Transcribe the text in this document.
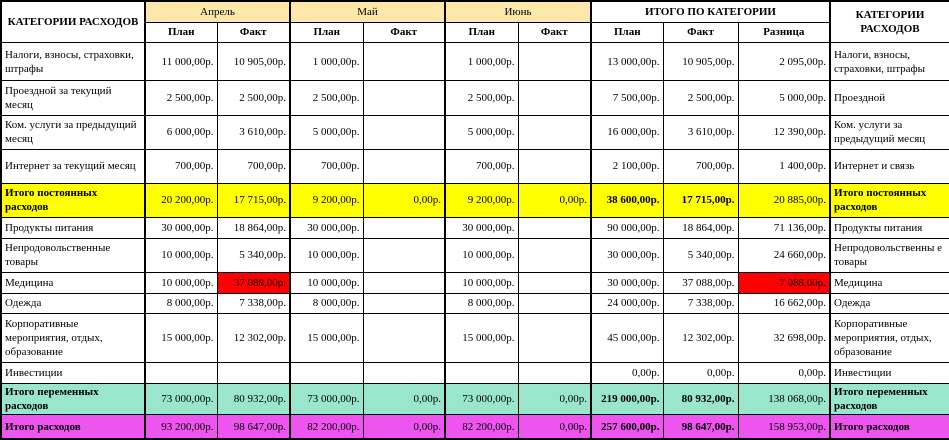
КАТЕГОРИИ РАСХОДОВ	Апрель		Май		Июнь		ИТОГО ПО КАТЕГОРИИ			КАТЕГОРИИ РАСХОДОВ
	План	Факт	План	Факт	План	Факт	План	Факт	Разница	
Налоги, взносы, страховки, штрафы	11 000,00р.	10 905,00р.	1 000,00р.		1 000,00р.		13 000,00р.	10 905,00р.	2 095,00р.	Налоги, взносы, страховки, штрафы
Проездной за текущий месяц	2 500,00р.	2 500,00р.	2 500,00р.		2 500,00р.		7 500,00р.	2 500,00р.	5 000,00р.	Проездной
Ком. услуги за предыдущий месяц	6 000,00р.	3 610,00р.	5 000,00р.		5 000,00р.		16 000,00р.	3 610,00р.	12 390,00р.	Ком. услуги за предыдущий месяц
Интернет за текущий месяц	700,00р.	700,00р.	700,00р.		700,00р.		2 100,00р.	700,00р.	1 400,00р.	Интернет и связь
Итого постоянных расходов	20 200,00р.	17 715,00р.	9 200,00р.	0,00р.	9 200,00р.	0,00р.	38 600,00р.	17 715,00р.	20 885,00р.	Итого постоянных расходов
Продукты питания	30 000,00р.	18 864,00р.	30 000,00р.		30 000,00р.		90 000,00р.	18 864,00р.	71 136,00р.	Продукты питания
Непродовольственные товары	10 000,00р.	5 340,00р.	10 000,00р.		10 000,00р.		30 000,00р.	5 340,00р.	24 660,00р.	Непродовольственны е товары
Медицина	10 000,00р.	37 088,00р.	10 000,00р.		10 000,00р.		30 000,00р.	37 088,00р.	-7 088,00р.	Медицина
Одежда	8 000,00р.	7 338,00р.	8 000,00р.		8 000,00р.		24 000,00р.	7 338,00р.	16 662,00р.	Одежда
Корпоративные мероприятия, отдых, образование	15 000,00р.	12 302,00р.	15 000,00р.		15 000,00р.		45 000,00р.	12 302,00р.	32 698,00р.	Корпоративные мероприятия, отдых, образование
Инвестиции							0,00р.	0,00р.	0,00р.	Инвестиции
Итого переменных расходов	73 000,00р.	80 932,00р.	73 000,00р.	0,00р.	73 000,00р.	0,00р.	219 000,00р.	80 932,00р.	138 068,00р.	Итого переменных расходов
Итого расходов	93 200,00р.	98 647,00р.	82 200,00р.	0,00р.	82 200,00р.	0,00р.	257 600,00р.	98 647,00р.	158 953,00р.	Итого расходов
